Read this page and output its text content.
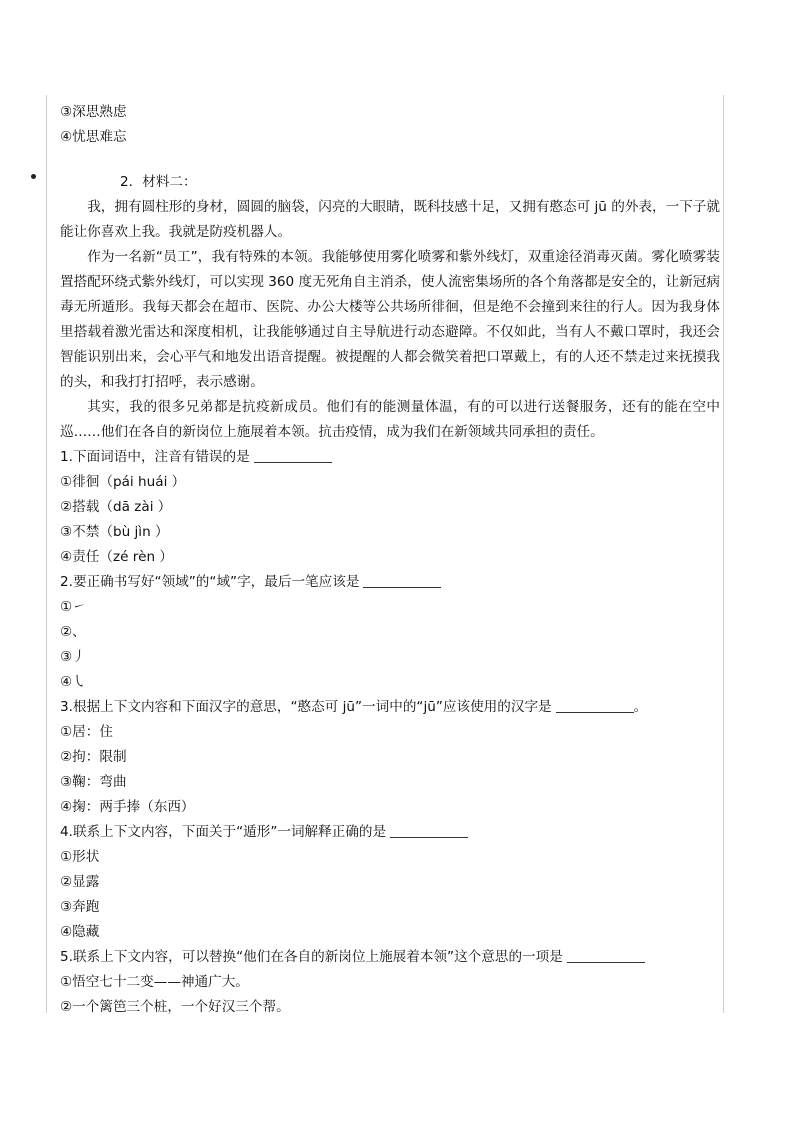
③深思熟虑
④忧思难忘
2．材料二：

我，拥有圆柱形的身材，圆圆的脑袋，闪亮的大眼睛，既科技感十足，又拥有憨态可 jū 的外表，一下子就能让你喜欢上我。我就是防疫机器人。

作为一名新“员工”，我有特殊的本领。我能够使用雾化喷雾和紫外线灯，双重途径消毒灭菌。雾化喷雾装置搭配环绕式紫外线灯，可以实现 360 度无死角自主消杀，使人流密集场所的各个角落都是安全的，让新冠病毒无所遁形。我每天都会在超市、医院、办公大楼等公共场所徘徊，但是绝不会撞到来往的行人。因为我身体里搭载着激光雷达和深度相机，让我能够通过自主导航进行动态避障。不仅如此，当有人不戴口罩时，我还会智能识别出来，会心平气和地发出语音提醒。被提醒的人都会微笑着把口罩戴上，有的人还不禁走过来抚摸我的头，和我打打招呼，表示感谢。

其实，我的很多兄弟都是抗疫新成员。他们有的能测量体温，有的可以进行送餐服务，还有的能在空中巡……他们在各自的新岗位上施展着本领。抗击疫情，成为我们在新领域共同承担的责任。

1.下面词语中，注音有错误的是
①徘徊（pái huái ）
②搭载（dā zài ）
③不禁（bù jìn ）
④责任（zé rèn ）
2.要正确书写好“领域”的“域”字，最后一笔应该是
①㇀
②、
③丿
④㇂
3.根据上下文内容和下面汉字的意思，“憨态可 jū”一词中的“jū”应该使用的汉字是	。
①居：住
②拘：限制
③鞠：弯曲
④掬：两手捧（东西）
4.联系上下文内容，下面关于“遁形”一词解释正确的是
①形状
②显露
③奔跑
④隐藏
5.联系上下文内容，可以替换“他们在各自的新岗位上施展着本领”这个意思的一项是
①悟空七十二变——神通广大。
②一个篱笆三个桩，一个好汉三个帮。
